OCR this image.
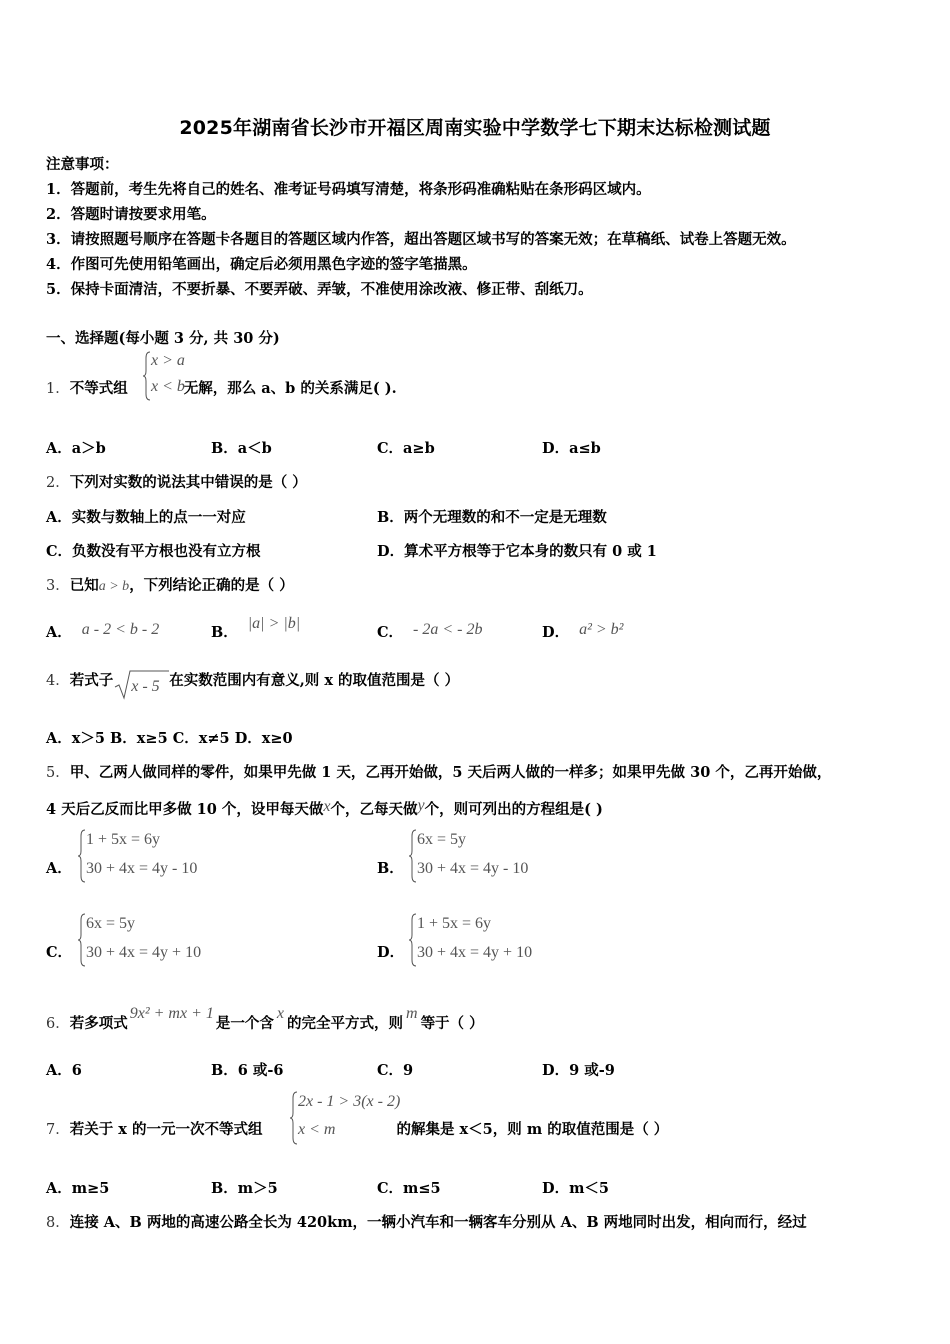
2025年湖南省长沙市开福区周南实验中学数学七下期末达标检测试题
注意事项：
1．答题前，考生先将自己的姓名、准考证号码填写清楚，将条形码准确粘贴在条形码区域内。
2．答题时请按要求用笔。
3．请按照题号顺序在答题卡各题目的答题区域内作答，超出答题区域书写的答案无效；在草稿纸、试卷上答题无效。
4．作图可先使用铅笔画出，确定后必须用黑色字迹的签字笔描黑。
5．保持卡面清洁，不要折暴、不要弄破、弄皱，不准使用涂改液、修正带、刮纸刀。
一、选择题(每小题 3 分, 共 30 分)
1．不等式组	无解，那么 a、b 的关系满足( ).
x > a
x < b
A．a＞b	B．a＜b	C．a≥b	D．a≤b
2．下列对实数的说法其中错误的是（ ）
A．实数与数轴上的点一一对应	B．两个无理数的和不一定是无理数
C．负数没有平方根也没有立方根	D．算术平方根等于它本身的数只有 0 或 1
3．已知a > b，下列结论正确的是（ ）
A． a - 2 < b - 2	B．|a| > |b|
C． - 2a < - 2b	D． a² > b²
4．若式子 x - 5 在实数范围内有意义,则 x 的取值范围是（ ）
A．x＞5 B．x≥5 C．x≠5 D．x≥0
5．甲、乙两人做同样的零件，如果甲先做 1 天，乙再开始做，5 天后两人做的一样多；如果甲先做 30 个，乙再开始做，
4 天后乙反而比甲多做 10 个，设甲每天做x个，乙每天做y个，则可列出的方程组是( )
A．
1 + 5x = 6y
30 + 4x = 4y - 10	B．
6x = 5y
30 + 4x = 4y - 10
C．
6x = 5y
30 + 4x = 4y + 10	D．
1 + 5x = 6y
30 + 4x = 4y + 10
6．若多项式9x² + mx + 1是一个含x的完全平方式，则m等于（ ）
A．6	B．6 或-6	C．9	D．9 或-9
7．若关于 x 的一元一次不等式组	的解集是 x＜5，则 m 的取值范围是（ ）
2x - 1 > 3(x - 2)
x < m
A．m≥5	B．m＞5	C．m≤5	D．m＜5
8．连接 A、B 两地的高速公路全长为 420km，一辆小汽车和一辆客车分别从 A、B 两地同时出发，相向而行，经过
